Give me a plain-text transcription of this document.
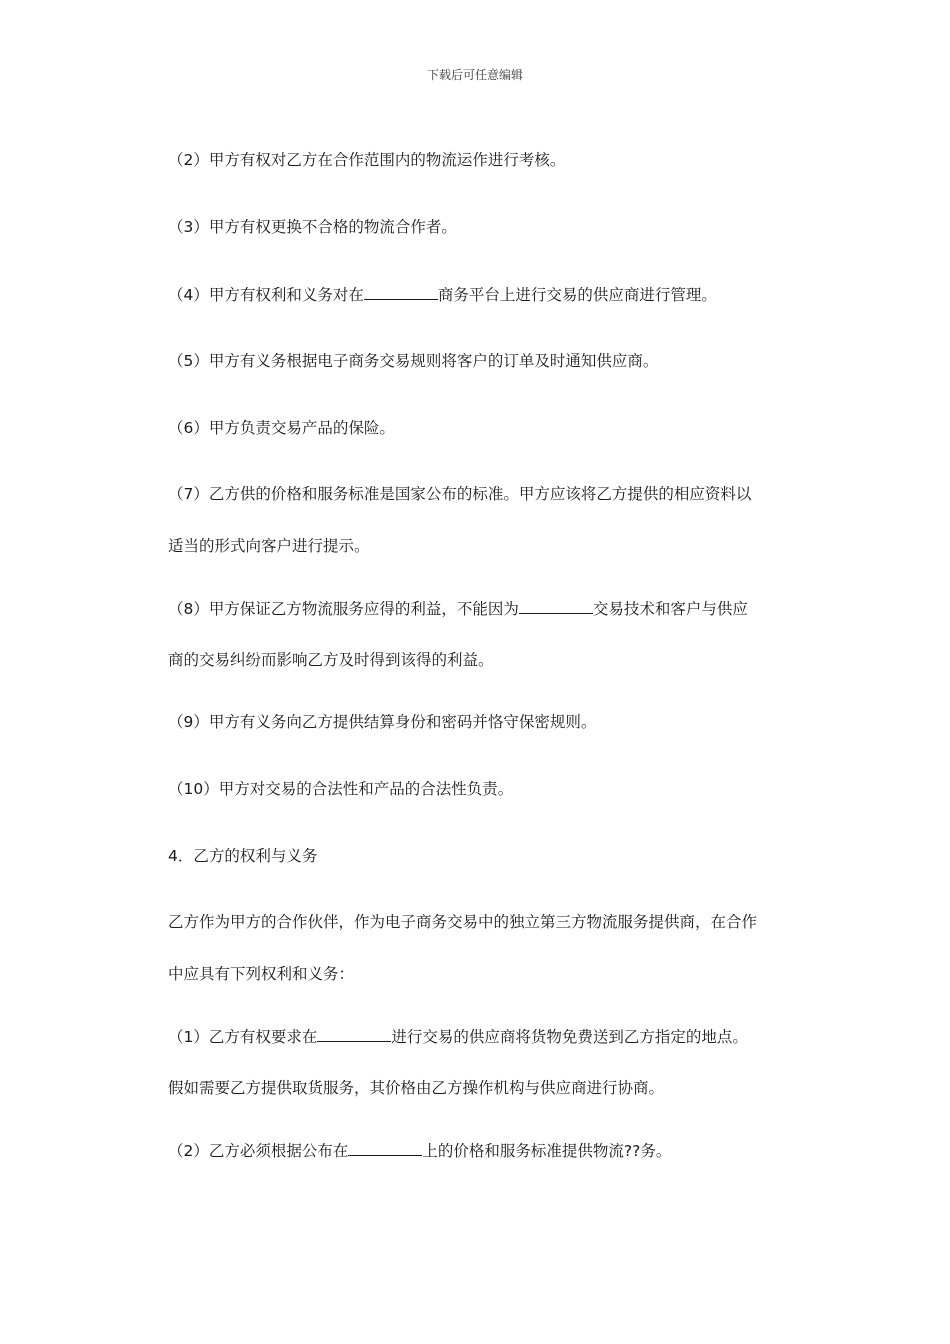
下载后可任意编辑
（2）甲方有权对乙方在合作范围内的物流运作进行考核。
（3）甲方有权更换不合格的物流合作者。
（4）甲方有权利和义务对在	商务平台上进行交易的供应商进行管理。
（5）甲方有义务根据电子商务交易规则将客户的订单及时通知供应商。
（6）甲方负责交易产品的保险。
（7）乙方供的价格和服务标准是国家公布的标准。甲方应该将乙方提供的相应资料以
适当的形式向客户进行提示。
（8）甲方保证乙方物流服务应得的利益，不能因为	交易技术和客户与供应
商的交易纠纷而影响乙方及时得到该得的利益。
（9）甲方有义务向乙方提供结算身份和密码并恪守保密规则。
（10）甲方对交易的合法性和产品的合法性负责。
4．乙方的权利与义务
乙方作为甲方的合作伙伴，作为电子商务交易中的独立第三方物流服务提供商，在合作
中应具有下列权利和义务：
（1）乙方有权要求在	进行交易的供应商将货物免费送到乙方指定的地点。
假如需要乙方提供取货服务，其价格由乙方操作机构与供应商进行协商。
（2）乙方必须根据公布在	上的价格和服务标准提供物流??务。
